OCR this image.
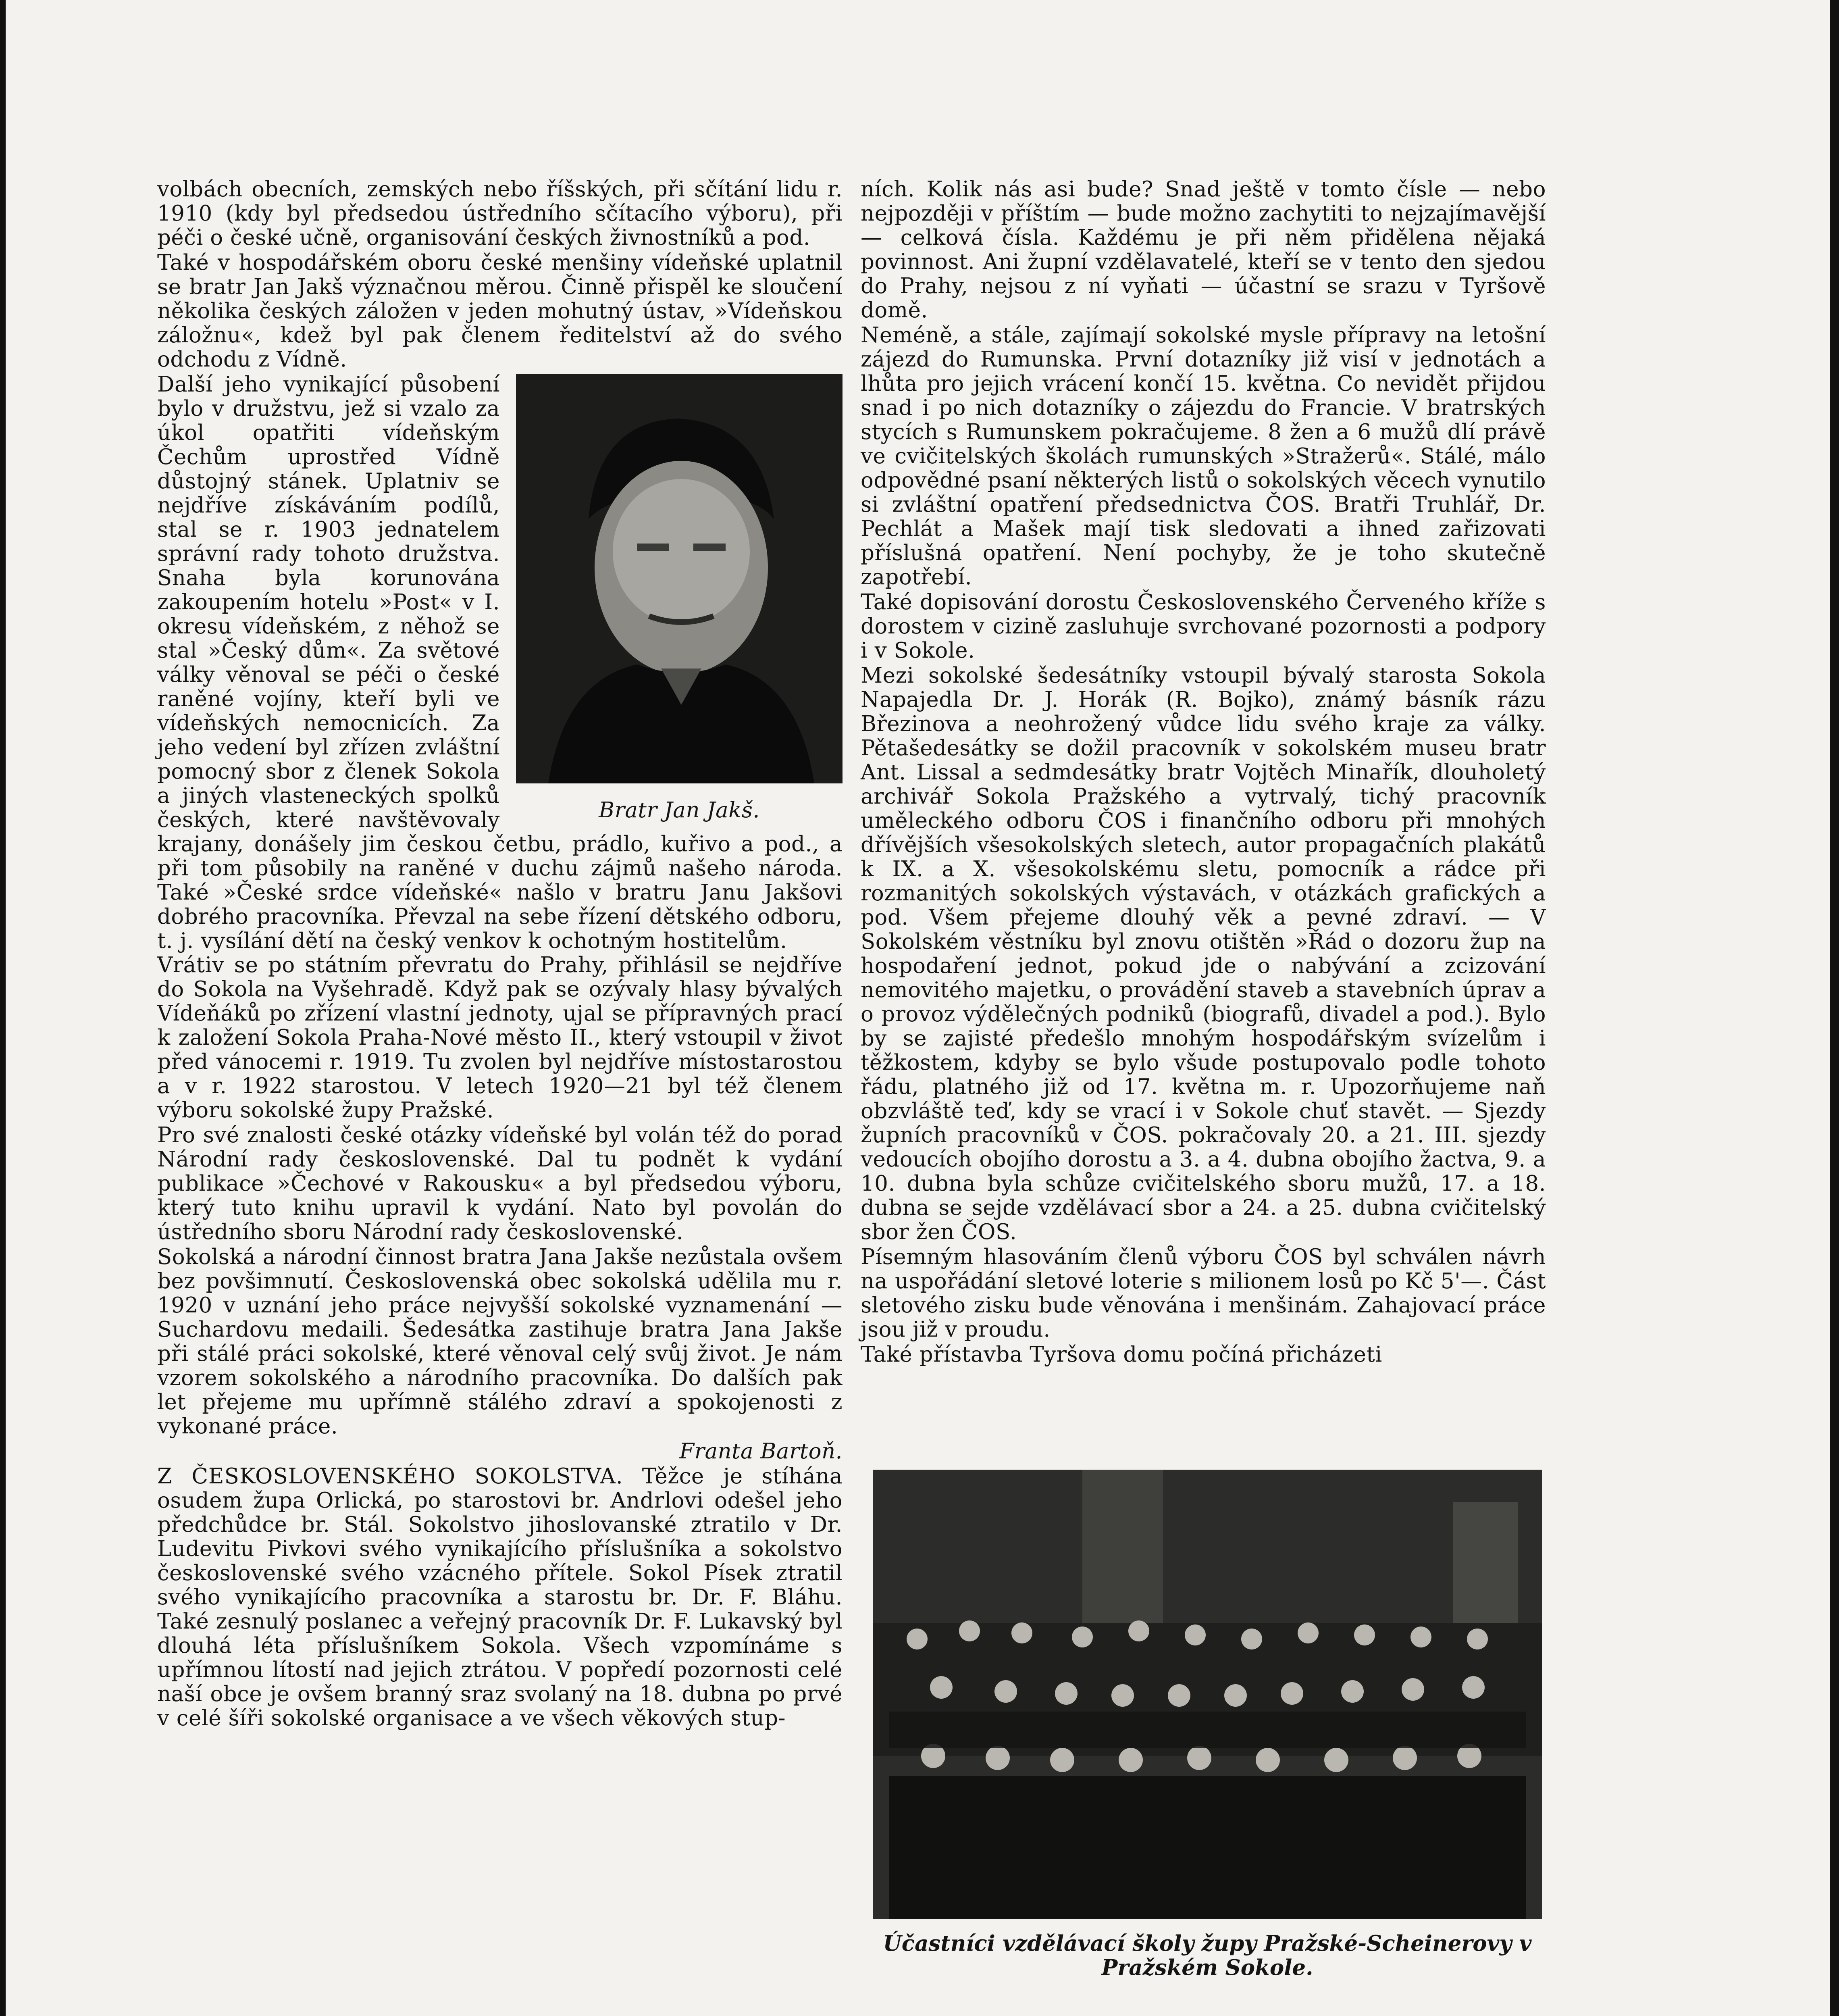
volbách obecních, zemských nebo říšských, při sčítání lidu r. 1910 (kdy byl předsedou ústředního sčítacího výboru), při péči o české učně, organisování českých živnostníků a pod.

Také v hospodářském oboru české menšiny vídeňské uplatnil se bratr Jan Jakš význačnou měrou. Činně přispěl ke sloučení několika českých záložen v jeden mohutný ústav, »Vídeňskou záložnu«, kdež byl pak členem ředitelství až do svého odchodu z Vídně.

Bratr Jan Jakš.

Další jeho vynikající působení bylo v družstvu, jež si vzalo za úkol opatřiti vídeňským Čechům uprostřed Vídně důstojný stánek. Uplatniv se nejdříve získáváním podílů, stal se r. 1903 jednatelem správní rady tohoto družstva. Snaha byla korunována zakoupením hotelu »Post« v I. okresu vídeňském, z něhož se stal »Český dům«. Za světové války věnoval se péči o české raněné vojíny, kteří byli ve vídeňských nemocnicích. Za jeho vedení byl zřízen zvláštní pomocný sbor z členek Sokola a jiných vlasteneckých spolků českých, které navštěvovaly krajany, donášely jim českou četbu, prádlo, kuřivo a pod., a při tom působily na raněné v duchu zájmů našeho národa. Také »České srdce vídeňské« našlo v bratru Janu Jakšovi dobrého pracovníka. Převzal na sebe řízení dětského odboru, t. j. vysílání dětí na český venkov k ochotným hostitelům.

Vrátiv se po státním převratu do Prahy, přihlásil se nejdříve do Sokola na Vyšehradě. Když pak se ozývaly hlasy bývalých Vídeňáků po zřízení vlastní jednoty, ujal se přípravných prací k založení Sokola Praha-Nové město II., který vstoupil v život před vánocemi r. 1919. Tu zvolen byl nejdříve místostarostou a v r. 1922 starostou. V letech 1920—21 byl též členem výboru sokolské župy Pražské.

Pro své znalosti české otázky vídeňské byl volán též do porad Národní rady československé. Dal tu podnět k vydání publikace »Čechové v Rakousku« a byl předsedou výboru, který tuto knihu upravil k vydání. Nato byl povolán do ústředního sboru Národní rady československé.

Sokolská a národní činnost bratra Jana Jakše nezůstala ovšem bez povšimnutí. Československá obec sokolská udělila mu r. 1920 v uznání jeho práce nejvyšší sokolské vyznamenání — Suchardovu medaili. Šedesátka zastihuje bratra Jana Jakše při stálé práci sokolské, které věnoval celý svůj život. Je nám vzorem sokolského a národního pracovníka. Do dalších pak let přejeme mu upřímně stálého zdraví a spokojenosti z vykonané práce.

Franta Bartoň.

Z ČESKOSLOVENSKÉHO SOKOLSTVA. Těžce je stíhána osudem župa Orlická, po starostovi br. Andrlovi odešel jeho předchůdce br. Stál. Sokolstvo jihoslovanské ztratilo v Dr. Ludevitu Pivkovi svého vynikajícího příslušníka a sokolstvo československé svého vzácného přítele. Sokol Písek ztratil svého vynikajícího pracovníka a starostu br. Dr. F. Bláhu. Také zesnulý poslanec a veřejný pracovník Dr. F. Lukavský byl dlouhá léta příslušníkem Sokola. Všech vzpomínáme s upřímnou lítostí nad jejich ztrátou. V popředí pozornosti celé naší obce je ovšem branný sraz svolaný na 18. dubna po prvé v celé šíři sokolské organisace a ve všech věkových stup-

ních. Kolik nás asi bude? Snad ještě v tomto čísle — nebo nejpozději v příštím — bude možno zachytiti to nejzajímavější — celková čísla. Každému je při něm přidělena nějaká povinnost. Ani župní vzdělavatelé, kteří se v tento den sjedou do Prahy, nejsou z ní vyňati — účastní se srazu v Tyršově domě.

Neméně, a stále, zajímají sokolské mysle přípravy na letošní zájezd do Rumunska. První dotazníky již visí v jednotách a lhůta pro jejich vrácení končí 15. května. Co nevidět přijdou snad i po nich dotazníky o zájezdu do Francie. V bratrských stycích s Rumunskem pokračujeme. 8 žen a 6 mužů dlí právě ve cvičitelských školách rumunských »Stražerů«. Stálé, málo odpovědné psaní některých listů o sokolských věcech vynutilo si zvláštní opatření předsednictva ČOS. Bratři Truhlář, Dr. Pechlát a Mašek mají tisk sledovati a ihned zařizovati příslušná opatření. Není pochyby, že je toho skutečně zapotřebí.

Také dopisování dorostu Československého Červeného kříže s dorostem v cizině zasluhuje svrchované pozornosti a podpory i v Sokole.

Mezi sokolské šedesátníky vstoupil bývalý starosta Sokola Napajedla Dr. J. Horák (R. Bojko), známý básník rázu Březinova a neohrožený vůdce lidu svého kraje za války. Pětašedesátky se dožil pracovník v sokolském museu bratr Ant. Lissal a sedmdesátky bratr Vojtěch Minařík, dlouholetý archivář Sokola Pražského a vytrvalý, tichý pracovník uměleckého odboru ČOS i finančního odboru při mnohých dřívějších všesokolských sletech, autor propagačních plakátů k IX. a X. všesokolskému sletu, pomocník a rádce při rozmanitých sokolských výstavách, v otázkách grafických a pod. Všem přejeme dlouhý věk a pevné zdraví. — V Sokolském věstníku byl znovu otištěn »Řád o dozoru žup na hospodaření jednot, pokud jde o nabývání a zcizování nemovitého majetku, o provádění staveb a stavebních úprav a o provoz výdělečných podniků (biografů, divadel a pod.). Bylo by se zajisté předešlo mnohým hospodářským svízelům i těžkostem, kdyby se bylo všude postupovalo podle tohoto řádu, platného již od 17. května m. r. Upozorňujeme naň obzvláště teď, kdy se vrací i v Sokole chuť stavět. — Sjezdy župních pracovníků v ČOS. pokračovaly 20. a 21. III. sjezdy vedoucích obojího dorostu a 3. a 4. dubna obojího žactva, 9. a 10. dubna byla schůze cvičitelského sboru mužů, 17. a 18. dubna se sejde vzdělávací sbor a 24. a 25. dubna cvičitelský sbor žen ČOS.

Písemným hlasováním členů výboru ČOS byl schválen návrh na uspořádání sletové loterie s milionem losů po Kč 5'—. Část sletového zisku bude věnována i menšinám. Zahajovací práce jsou již v proudu.

Také přístavba Tyršova domu počíná přicházeti

Účastníci vzdělávací školy župy Pražské-Scheinerovy v Pražském Sokole.
